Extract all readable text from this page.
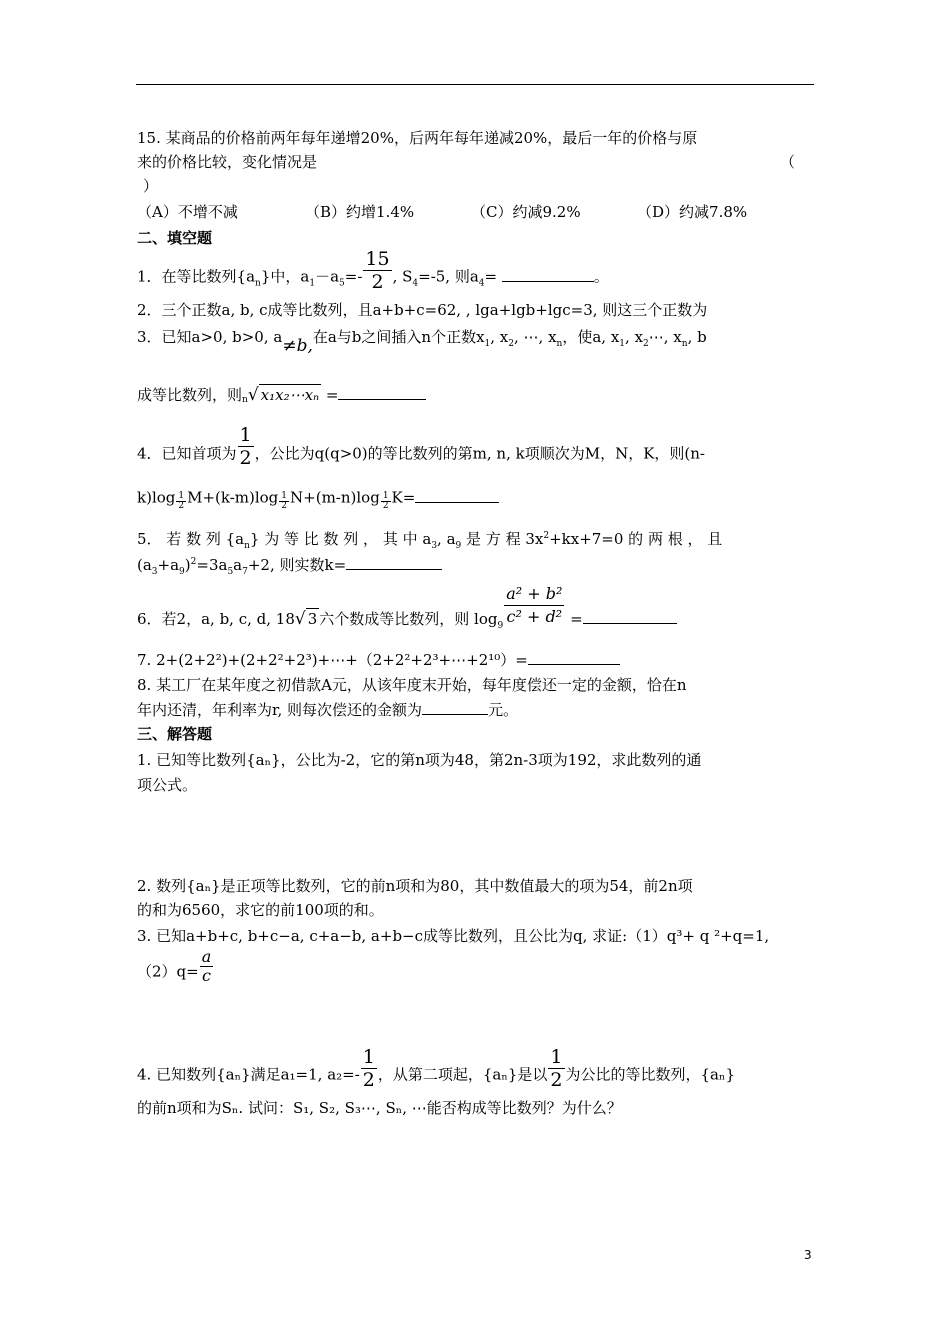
15. 某商品的价格前两年每年递增20%，后两年每年递减20%，最后一年的价格与原
来的价格比较，变化情况是	（
）
（A）不增不减	（B）约增1.4%	（C）约减9.2%	（D）约减7.8%
二、填空题
1．在等比数列$\{a_n\}$中，$a_1-a_5=- \frac{15}{2}$ , $S_4=-5$, 则$a_4=$	。
2．三个正数a, b, c成等比数列，且a+b+c=62, , lga+lgb+lgc=3, 则这三个正数为
3．已知a>0, b>0, a≠b,在a与b之间插入n个正数$x_1$, $x_2$, ⋯, $x_n$，使a, $x_1$, $x_2\cdots$, $x_n$, b
成等比数列，则$^n$√ x₁x₂⋯xₙ =
4．已知首项为 $\frac{1}{2}$ ，公比为q(q>0)的等比数列的第m, n, k项顺次为M，N，K，则(n-
$k)\log \frac{1}{2} M+(k-m)\log \frac{1}{2} N+(m-n)\log \frac{1}{2} K=$
5． 若 数 列 $\{a_n\}$ 为 等 比 数 列 ， 其 中 $a_3$, $a_9$ 是 方 程 $3x^2+kx+7=0$ 的 两 根 ， 且
$(a_3+a_9)^2=3a_5a_7+2$, 则实数k=
6．若2，a, b, c, d, 18√ 3 六个数成等比数列，则 $\log_9 \frac{\text{a² + b²}}{\text{c² + d²}}$ =
7. 2+(2+2²)+(2+2²+2³)+⋯+（2+2²+2³+⋯+2¹⁰）=
8. 某工厂在某年度之初借款A元，从该年度末开始，每年度偿还一定的金额，恰在n
年内还清，年利率为r, 则每次偿还的金额为	元。
三、解答题
1. 已知等比数列{aₙ}，公比为-2，它的第n项为48，第2n-3项为192，求此数列的通
项公式。
2. 数列{aₙ}是正项等比数列，它的前n项和为80，其中数值最大的项为54，前2n项
的和为6560，求它的前100项的和。
3. 已知a+b+c, b+c−a, c+a−b, a+b−c成等比数列，且公比为q, 求证:（1）q³+ q ²+q=1,
$(2)q= \frac{a}{c}$
4. 已知数列{aₙ}满足a₁=1, $a_2=- \frac{1}{2}$ ，从第二项起，{aₙ}是以 $\frac{1}{2}$ 为公比的等比数列，{aₙ}
的前n项和为Sₙ. 试问：S₁, S₂, S₃⋯, Sₙ, ⋯能否构成等比数列？为什么？
3
